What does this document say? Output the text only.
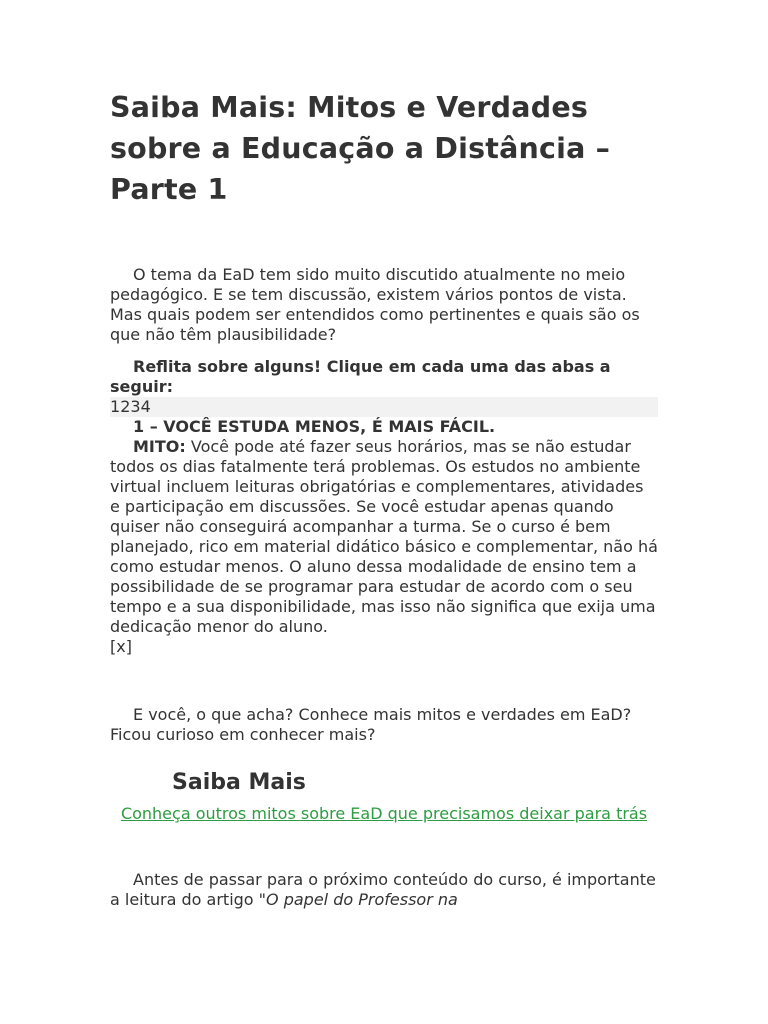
Saiba Mais: Mitos e Verdades sobre a Educação a Distância – Parte 1

O tema da EaD tem sido muito discutido atualmente no meio pedagógico. E se tem discussão, existem vários pontos de vista. Mas quais podem ser entendidos como pertinentes e quais são os que não têm plausibilidade?

Reflita sobre alguns! Clique em cada uma das abas a seguir:

1234

1 – VOCÊ ESTUDA MENOS, É MAIS FÁCIL.

MITO: Você pode até fazer seus horários, mas se não estudar todos os dias fatalmente terá problemas. Os estudos no ambiente virtual incluem leituras obrigatórias e complementares, atividades e participação em discussões. Se você estudar apenas quando quiser não conseguirá acompanhar a turma. Se o curso é bem planejado, rico em material didático básico e complementar, não há como estudar menos. O aluno dessa modalidade de ensino tem a possibilidade de se programar para estudar de acordo com o seu tempo e a sua disponibilidade, mas isso não significa que exija uma dedicação menor do aluno.

[x]

E você, o que acha? Conhece mais mitos e verdades em EaD? Ficou curioso em conhecer mais?

Saiba Mais
Conheça outros mitos sobre EaD que precisamos deixar para trás

Antes de passar para o próximo conteúdo do curso, é importante a leitura do artigo "O papel do Professor na
